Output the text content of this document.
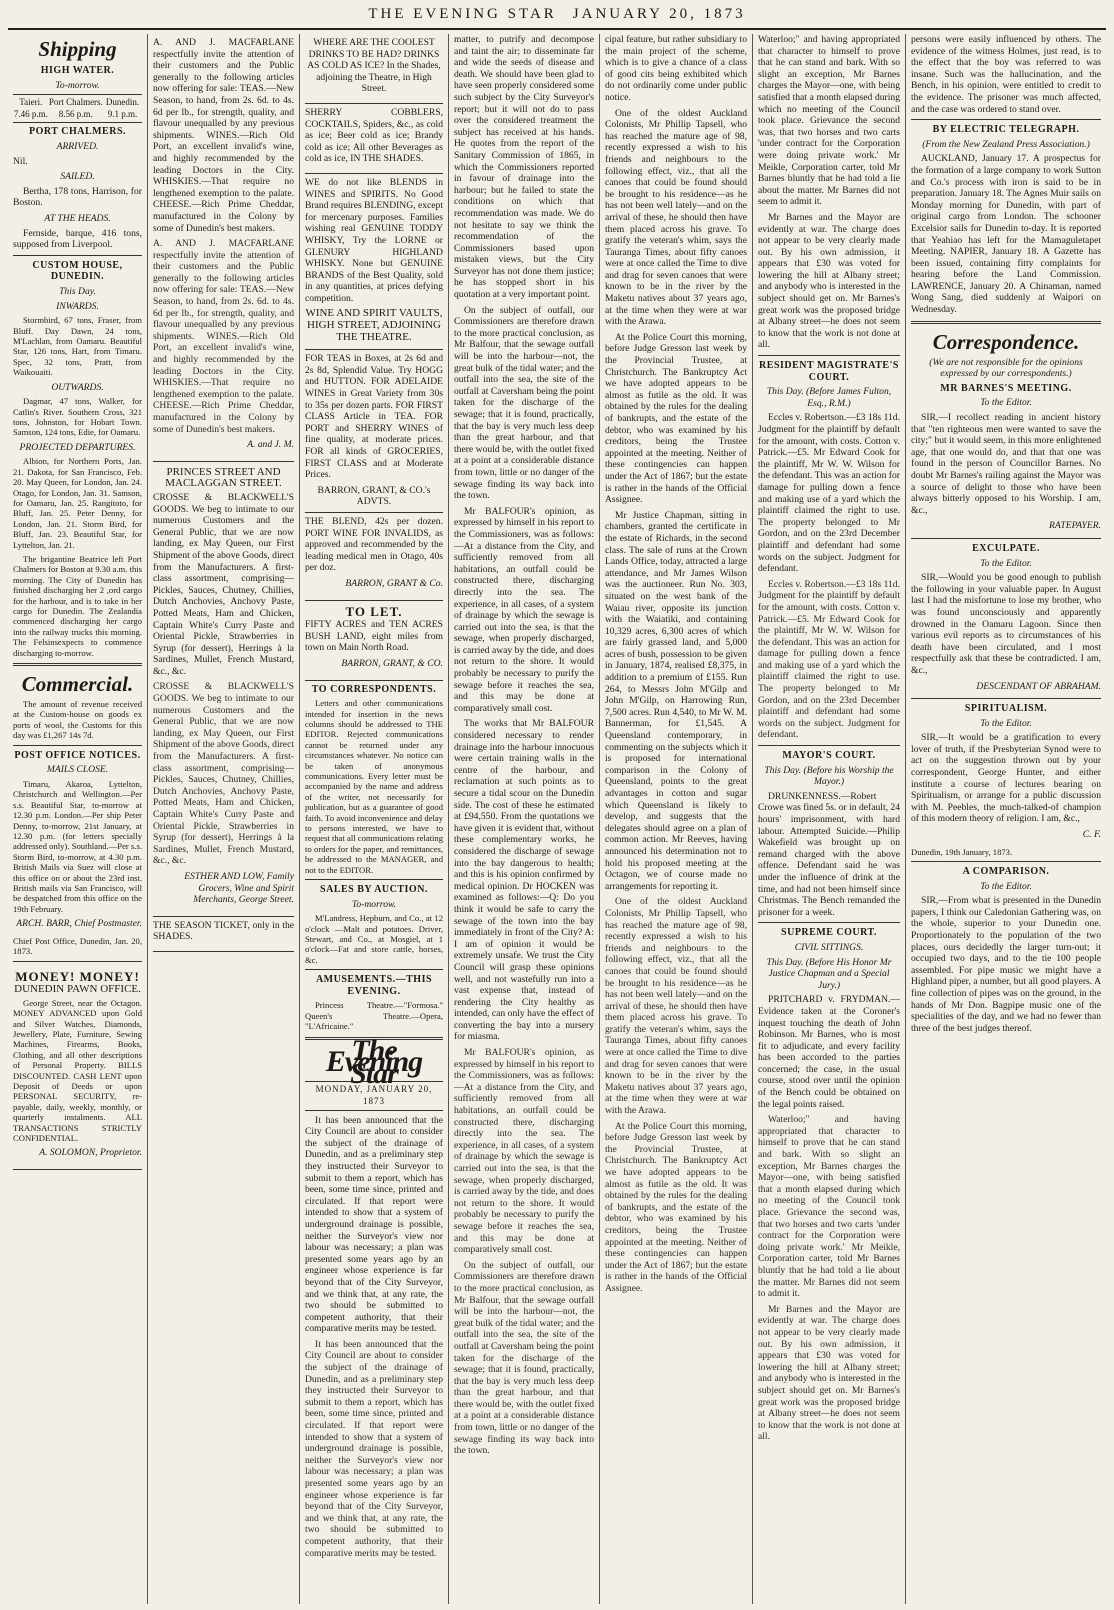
THE EVENING STAR JANUARY 20, 1873
Shipping
HIGH WATER.
To-morrow.
Taieri. 7.46 p.m.
Port Chalmers. 8.56 p.m.
Dunedin. 9.1 p.m.
PORT CHALMERS.
ARRIVED.

Nil.

SAILED.

Bertha, 178 tons, Harrison, for Boston.

AT THE HEADS.

Fernside, barque, 416 tons, supposed from Liverpool.

CUSTOM HOUSE, DUNEDIN.
This Day.
INWARDS.

Stormbird, 67 tons, Fraser, from Bluff. Day Dawn, 24 tons, M'Lachlan, from Oamaru. Beautiful Star, 126 tons, Hart, from Timaru. Spec, 32 tons, Pratt, from Waikouaiti.

OUTWARDS.

Dagmar, 47 tons, Walker, for Catlin's River. Southern Cross, 321 tons, Johnston, for Hobart Town. Samson, 124 tons, Edie, for Oamaru.

PROJECTED DEPARTURES.

Albion, for Northern Ports, Jan. 21. Dakota, for San Francisco, Feb. 20. May Queen, for London, Jan. 24. Otago, for London, Jan. 31. Samson, for Oamaru, Jan. 25. Rangitoto, for Bluff, Jan. 25. Peter Denny, for London, Jan. 21. Storm Bird, for Bluff, Jan. 23. Beautiful Star, for Lyttelton, Jan. 21.

The brigantine Beatrice left Port Chalmers for Boston at 9.30 a.m. this morning. The City of Dunedin has finished discharging her 2 ,ord cargo for the harbour, and is to take in her cargo for Dunedin. The Zealandia commenced discharging her cargo into the railway trucks this morning. The Felsinsexpects to commence discharging to-morrow.

Commercial.

The amount of revenue received at the Custom-house on goods ex ports of wool, the Customs for this day was £1,267 14s 7d.

POST OFFICE NOTICES.
MAILS CLOSE.

Timaru, Akaroa, Lyttelton, Christchurch and Wellington.—Per s.s. Beautiful Star, to-morrow at 12.30 p.m. London.—Per ship Peter Denny, to-morrow, 21st January, at 12.30 p.m. (for letters specially addressed only). Southland.—Per s.s. Storm Bird, to-morrow, at 4.30 p.m. British Mails via Suez will close at this office on or about the 23rd inst. British mails via San Francisco, will be despatched from this office on the 19th February.

ARCH. BARR, Chief Postmaster.

Chief Post Office, Dunedin, Jan. 20, 1873.

MONEY! MONEY!
DUNEDIN PAWN OFFICE.

George Street, near the Octagon. MONEY ADVANCED upon Gold and Silver Watches, Diamonds, Jewellery, Plate, Furniture, Sewing Machines, Firearms, Books, Clothing, and all other descriptions of Personal Property. BILLS DISCOUNTED. CASH LENT upon Deposit of Deeds or upon PERSONAL SECURITY, re-payable, daily, weekly, monthly, or quarterly instalments. ALL TRANSACTIONS STRICTLY CONFIDENTIAL.

A. SOLOMON, Proprietor.

A. AND J. MACFARLANE respectfully invite the attention of their customers and the Public generally to the following articles now offering for sale: TEAS.—New Season, to hand, from 2s. 6d. to 4s. 6d per lb., for strength, quality, and flavour unequalled by any previous shipments. WINES.—Rich Old Port, an excellent invalid's wine, and highly recommended by the leading Doctors in the City. WHISKIES.—That require no lengthened exemption to the palate. CHEESE.—Rich Prime Cheddar, manufactured in the Colony by some of Dunedin's best makers.

A. AND J. MACFARLANE respectfully invite the attention of their customers and the Public generally to the following articles now offering for sale: TEAS.—New Season, to hand, from 2s. 6d. to 4s. 6d per lb., for strength, quality, and flavour unequalled by any previous shipments. WINES.—Rich Old Port, an excellent invalid's wine, and highly recommended by the leading Doctors in the City. WHISKIES.—That require no lengthened exemption to the palate. CHEESE.—Rich Prime Cheddar, manufactured in the Colony by some of Dunedin's best makers.

A. and J. M.
PRINCES STREET AND MACLAGGAN STREET.

CROSSE & BLACKWELL'S GOODS. We beg to intimate to our numerous Customers and the General Public, that we are now landing, ex May Queen, our First Shipment of the above Goods, direct from the Manufacturers. A first-class assortment, comprising—Pickles, Sauces, Chutney, Chillies, Dutch Anchovies, Anchovy Paste, Potted Meats, Ham and Chicken, Captain White's Curry Paste and Oriental Pickle, Strawberries in Syrup (for dessert), Herrings à la Sardines, Mullet, French Mustard, &c., &c.

CROSSE & BLACKWELL'S GOODS. We beg to intimate to our numerous Customers and the General Public, that we are now landing, ex May Queen, our First Shipment of the above Goods, direct from the Manufacturers. A first-class assortment, comprising—Pickles, Sauces, Chutney, Chillies, Dutch Anchovies, Anchovy Paste, Potted Meats, Ham and Chicken, Captain White's Curry Paste and Oriental Pickle, Strawberries in Syrup (for dessert), Herrings à la Sardines, Mullet, French Mustard, &c., &c.

ESTHER AND LOW, Family Grocers, Wine and Spirit Merchants, George Street.

THE SEASON TICKET, only in the SHADES.

WHERE ARE THE COOLEST DRINKS TO BE HAD? DRINKS AS COLD AS ICE? In the Shades, adjoining the Theatre, in High Street.

SHERRY COBBLERS, COCKTAILS, Spiders, &c., as cold as ice; Beer cold as ice; Brandy cold as ice; All other Beverages as cold as ice, IN THE SHADES.

WE do not like BLENDS in WINES and SPIRITS. No Good Brand requires BLENDING, except for mercenary purposes. Families wishing real GENUINE TODDY WHISKY, Try the LORNE or GLENURY HIGHLAND WHISKY. None but GENUINE BRANDS of the Best Quality, sold in any quantities, at prices defying competition.

WINE AND SPIRIT VAULTS, HIGH STREET, ADJOINING THE THEATRE.

FOR TEAS in Boxes, at 2s 6d and 2s 8d, Splendid Value. Try HOGG and HUTTON. FOR ADELAIDE WINES in Great Variety from 30s to 35s per dozen parts. FOR FIRST CLASS Article in TEA. FOR PORT and SHERRY WINES of fine quality, at moderate prices. FOR all kinds of GROCERIES, FIRST CLASS and at Moderate Prices.

BARRON, GRANT, & CO.'s ADVTS.

THE BLEND, 42s per dozen. PORT WINE FOR INVALIDS, as approved and recommended by the leading medical men in Otago, 40s per doz.

BARRON, GRANT & Co.
TO LET.

FIFTY ACRES and TEN ACRES BUSH LAND, eight miles from town on Main North Road.

BARRON, GRANT, & CO.
TO CORRESPONDENTS.

Letters and other communications intended for insertion in the news columns should be addressed to THE EDITOR. Rejected communications cannot be returned under any circumstances whatever. No notice can be taken of anonymous communications. Every letter must be accompanied by the name and address of the writer, not necessarily for publication, but as a guarantee of good faith. To avoid inconvenience and delay to persons interested, we have to request that all communications relating to orders for the paper, and remittances, be addressed to the MANAGER, and not to the EDITOR.

SALES BY AUCTION.
To-morrow.

M'Landress, Hepburn, and Co., at 12 o'clock —Malt and potatoes. Driver, Stewart, and Co., at Mosgiel, at 1 o'clock—Fat and store cattle, horses, &c.

AMUSEMENTS.—THIS EVENING.

Princess Theatre.—"Formosa." Queen's Theatre.—Opera, "L'Africaine."

The Evening Star
MONDAY, JANUARY 20, 1873

It has been announced that the City Council are about to consider the subject of the drainage of Dunedin, and as a preliminary step they instructed their Surveyor to submit to them a report, which has been, some time since, printed and circulated. If that report were intended to show that a system of underground drainage is possible, neither the Surveyor's view nor labour was necessary; a plan was presented some years ago by an engineer whose experience is far beyond that of the City Surveyor, and we think that, at any rate, the two should be submitted to competent authority, that their comparative merits may be tested.

It has been announced that the City Council are about to consider the subject of the drainage of Dunedin, and as a preliminary step they instructed their Surveyor to submit to them a report, which has been, some time since, printed and circulated. If that report were intended to show that a system of underground drainage is possible, neither the Surveyor's view nor labour was necessary; a plan was presented some years ago by an engineer whose experience is far beyond that of the City Surveyor, and we think that, at any rate, the two should be submitted to competent authority, that their comparative merits may be tested.

matter, to putrify and decompose and taint the air; to disseminate far and wide the seeds of disease and death. We should have been glad to have seen properly considered some such subject by the City Surveyor's report; but it will not do to pass over the considered treatment the subject has received at his hands. He quotes from the report of the Sanitary Commission of 1865, in which the Commissioners reported in favour of drainage into the harbour; but he failed to state the conditions on which that recommendation was made. We do not hesitate to say we think the recommendation of the Commissioners based upon mistaken views, but the City Surveyor has not done them justice; he has stopped short in his quotation at a very important point.

On the subject of outfall, our Commissioners are therefore drawn to the more practical conclusion, as Mr Balfour, that the sewage outfall will be into the harbour—not, the great bulk of the tidal water; and the outfall into the sea, the site of the outfall at Caversham being the point taken for the discharge of the sewage; that it is found, practically, that the bay is very much less deep than the great harbour, and that there would be, with the outlet fixed at a point at a considerable distance from town, little or no danger of the sewage finding its way back into the town.

Mr BALFOUR's opinion, as expressed by himself in his report to the Commissioners, was as follows:—At a distance from the City, and sufficiently removed from all habitations, an outfall could be constructed there, discharging directly into the sea. The experience, in all cases, of a system of drainage by which the sewage is carried out into the sea, is that the sewage, when properly discharged, is carried away by the tide, and does not return to the shore. It would probably be necessary to purify the sewage before it reaches the sea, and this may be done at comparatively small cost.

The works that Mr BALFOUR considered necessary to render drainage into the harbour innocuous were certain training walls in the centre of the harbour, and reclamation at such points as to secure a tidal scour on the Dunedin side. The cost of these he estimated at £94,550. From the quotations we have given it is evident that, without these complementary works, he considered the discharge of sewage into the bay dangerous to health; and this is his opinion confirmed by medical opinion. Dr HOCKEN was examined as follows:—Q: Do you think it would be safe to carry the sewage of the town into the bay immediately in front of the City? A: I am of opinion it would be extremely unsafe. We trust the City Council will grasp these opinions well, and not wastefully run into a vast expense that, instead of rendering the City healthy as intended, can only have the effect of converting the bay into a nursery for miasma.

Mr BALFOUR's opinion, as expressed by himself in his report to the Commissioners, was as follows:—At a distance from the City, and sufficiently removed from all habitations, an outfall could be constructed there, discharging directly into the sea. The experience, in all cases, of a system of drainage by which the sewage is carried out into the sea, is that the sewage, when properly discharged, is carried away by the tide, and does not return to the shore. It would probably be necessary to purify the sewage before it reaches the sea, and this may be done at comparatively small cost.

On the subject of outfall, our Commissioners are therefore drawn to the more practical conclusion, as Mr Balfour, that the sewage outfall will be into the harbour—not, the great bulk of the tidal water; and the outfall into the sea, the site of the outfall at Caversham being the point taken for the discharge of the sewage; that it is found, practically, that the bay is very much less deep than the great harbour, and that there would be, with the outlet fixed at a point at a considerable distance from town, little or no danger of the sewage finding its way back into the town.

cipal feature, but rather subsidiary to the main project of the scheme, which is to give a chance of a class of good cits being exhibited which do not ordinarily come under public notice.

One of the oldest Auckland Colonists, Mr Phillip Tapsell, who has reached the mature age of 98, recently expressed a wish to his friends and neighbours to the following effect, viz., that all the canoes that could be found should be brought to his residence—as he has not been well lately—and on the arrival of these, he should then have them placed across his grave. To gratify the veteran's whim, says the Tauranga Times, about fifty canoes were at once called the Time to dive and drag for seven canoes that were known to be in the river by the Maketu natives about 37 years ago, at the time when they were at war with the Arawa.

At the Police Court this morning, before Judge Gresson last week by the Provincial Trustee, at Christchurch. The Bankruptcy Act we have adopted appears to be almost as futile as the old. It was obtained by the rules for the dealing of bankrupts, and the estate of the debtor, who was examined by his creditors, being the Trustee appointed at the meeting. Neither of these contingencies can happen under the Act of 1867; but the estate is rather in the hands of the Official Assignee.

Mr Justice Chapman, sitting in chambers, granted the certificate in the estate of Richards, in the second class. The sale of runs at the Crown Lands Office, today, attracted a large attendance, and Mr James Wilson was the auctioneer. Run No. 303, situated on the west bank of the Waiau river, opposite its junction with the Waiatiki, and containing 10,329 acres, 6,300 acres of which are fairly grassed land, and 5,000 acres of bush, possession to be given in January, 1874, realised £8,375, in addition to a premium of £155. Run 264, to Messrs John M'Gilp and John M'Gilp, on Harrowing Run, 7,500 acres. Run 4,540, to Mr W. M. Bannerman, for £1,545. A Queensland contemporary, in commenting on the subjects which it is proposed for international comparison in the Colony of Queensland, points to the great advantages in cotton and sugar which Queensland is likely to develop, and suggests that the delegates should agree on a plan of common action. Mr Reeves, having announced his determination not to hold his proposed meeting at the Octagon, we of course made no arrangements for reporting it.

One of the oldest Auckland Colonists, Mr Phillip Tapsell, who has reached the mature age of 98, recently expressed a wish to his friends and neighbours to the following effect, viz., that all the canoes that could be found should be brought to his residence—as he has not been well lately—and on the arrival of these, he should then have them placed across his grave. To gratify the veteran's whim, says the Tauranga Times, about fifty canoes were at once called the Time to dive and drag for seven canoes that were known to be in the river by the Maketu natives about 37 years ago, at the time when they were at war with the Arawa.

At the Police Court this morning, before Judge Gresson last week by the Provincial Trustee, at Christchurch. The Bankruptcy Act we have adopted appears to be almost as futile as the old. It was obtained by the rules for the dealing of bankrupts, and the estate of the debtor, who was examined by his creditors, being the Trustee appointed at the meeting. Neither of these contingencies can happen under the Act of 1867; but the estate is rather in the hands of the Official Assignee.

Waterloo;" and having appropriated that character to himself to prove that he can stand and bark. With so slight an exception, Mr Barnes charges the Mayor—one, with being satisfied that a month elapsed during which no meeting of the Council took place. Grievance the second was, that two horses and two carts 'under contract for the Corporation were doing private work.' Mr Meikle, Corporation carter, told Mr Barnes bluntly that he had told a lie about the matter. Mr Barnes did not seem to admit it.

Mr Barnes and the Mayor are evidently at war. The charge does not appear to be very clearly made out. By his own admission, it appears that £30 was voted for lowering the hill at Albany street; and anybody who is interested in the subject should get on. Mr Barnes's great work was the proposed bridge at Albany street—he does not seem to know that the work is not done at all.

RESIDENT MAGISTRATE'S COURT.
This Day. (Before James Fulton, Esq., R.M.)

Eccles v. Robertson.—£3 18s 11d. Judgment for the plaintiff by default for the amount, with costs. Cotton v. Patrick.—£5. Mr Edward Cook for the plaintiff, Mr W. W. Wilson for the defendant. This was an action for damage for pulling down a fence and making use of a yard which the plaintiff claimed the right to use. The property belonged to Mr Gordon, and on the 23rd December plaintiff and defendant had some words on the subject. Judgment for defendant.

Eccles v. Robertson.—£3 18s 11d. Judgment for the plaintiff by default for the amount, with costs. Cotton v. Patrick.—£5. Mr Edward Cook for the plaintiff, Mr W. W. Wilson for the defendant. This was an action for damage for pulling down a fence and making use of a yard which the plaintiff claimed the right to use. The property belonged to Mr Gordon, and on the 23rd December plaintiff and defendant had some words on the subject. Judgment for defendant.

MAYOR'S COURT.
This Day. (Before his Worship the Mayor.)

DRUNKENNESS.—Robert Crowe was fined 5s. or in default, 24 hours' imprisonment, with hard labour. Attempted Suicide.—Philip Wakefield was brought up on remand charged with the above offence. Defendant said he was under the influence of drink at the time, and had not been himself since Christmas. The Bench remanded the prisoner for a week.

SUPREME COURT.
CIVIL SITTINGS.
This Day. (Before His Honor Mr Justice Chapman and a Special Jury.)

PRITCHARD v. FRYDMAN.—Evidence taken at the Coroner's inquest touching the death of John Robinson. Mr Barnes, who is most fit to adjudicate, and every facility has been accorded to the parties concerned; the case, in the usual course, stood over until the opinion of the Bench could be obtained on the legal points raised.

Waterloo;" and having appropriated that character to himself to prove that he can stand and bark. With so slight an exception, Mr Barnes charges the Mayor—one, with being satisfied that a month elapsed during which no meeting of the Council took place. Grievance the second was, that two horses and two carts 'under contract for the Corporation were doing private work.' Mr Meikle, Corporation carter, told Mr Barnes bluntly that he had told a lie about the matter. Mr Barnes did not seem to admit it.

Mr Barnes and the Mayor are evidently at war. The charge does not appear to be very clearly made out. By his own admission, it appears that £30 was voted for lowering the hill at Albany street; and anybody who is interested in the subject should get on. Mr Barnes's great work was the proposed bridge at Albany street—he does not seem to know that the work is not done at all.

persons were easily influenced by others. The evidence of the witness Holmes, just read, is to the effect that the boy was referred to was insane. Such was the hallucination, and the Bench, in his opinion, were entitled to credit to the evidence. The prisoner was much affected, and the case was ordered to stand over.

BY ELECTRIC TELEGRAPH.
(From the New Zealand Press Association.)

AUCKLAND, January 17. A prospectus for the formation of a large company to work Sutton and Co.'s process with iron is said to be in preparation. January 18. The Agnes Muir sails on Monday morning for Dunedin, with part of original cargo from London. The schooner Excelsior sails for Dunedin to-day. It is reported that Yeahiao has left for the Mamaguletapet Meeting. NAPIER, January 18. A Gazette has been issued, containing fitty complaints for hearing before the Land Commission. LAWRENCE, January 20. A Chinaman, named Wong Sang, died suddenly at Waipori on Wednesday.

Correspondence.
(We are not responsible for the opinions expressed by our correspondents.)
MR BARNES'S MEETING.
To the Editor.

SIR,—I recollect reading in ancient history that "ten righteous men were wanted to save the city;" but it would seem, in this more enlightened age, that one would do, and that that one was found in the person of Councillor Barnes. No doubt Mr Barnes's railing against the Mayor was a source of delight to those who have been always bitterly opposed to his Worship. I am, &c.,

RATEPAYER.
EXCULPATE.
To the Editor.

SIR,—Would you be good enough to publish the following in your valuable paper. In August last I had the misfortune to lose my brother, who was found unconsciously and apparently drowned in the Oamaru Lagoon. Since then various evil reports as to circumstances of his death have been circulated, and I most respectfully ask that these be contradicted. I am, &c.,

DESCENDANT OF ABRAHAM.
SPIRITUALISM.
To the Editor.

SIR,—It would be a gratification to every lover of truth, if the Presbyterian Synod were to act on the suggestion thrown out by your correspondent, George Hunter, and either institute a course of lectures bearing on Spiritualism, or arrange for a public discussion with M. Peebles, the much-talked-of champion of this modern theory of religion. I am, &c.,

C. F.

Dunedin, 19th January, 1873.

A COMPARISON.
To the Editor.

SIR,—From what is presented in the Dunedin papers, I think our Caledonian Gathering was, on the whole, superior to your Dunedin one. Proportionately to the population of the two places, ours decidedly the larger turn-out; it occupied two days, and to the tie 100 people assembled. For pipe music we might have a Highland piper, a number, but all good players. A fine collection of pipes was on the ground, in the hands of Mr Don. Bagpipe music one of the specialities of the day, and we had no fewer than three of the best judges thereof.
